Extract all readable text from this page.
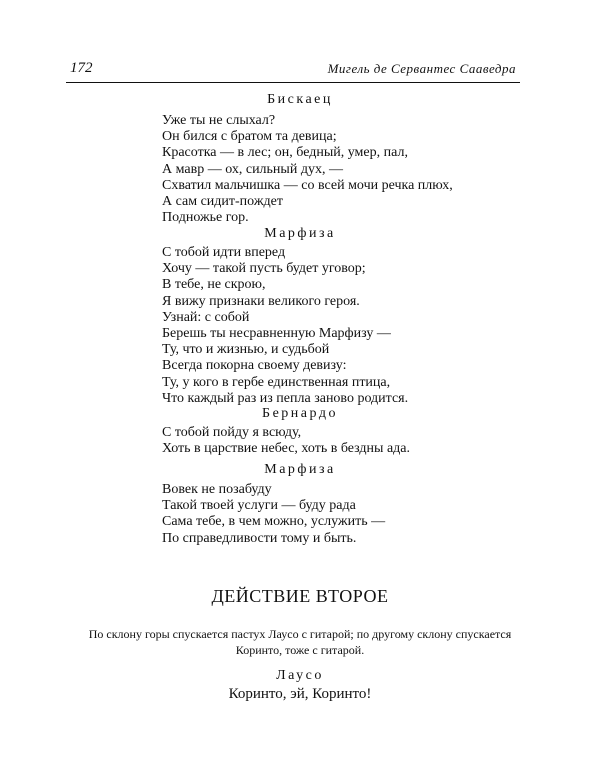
172	Мигель де Сервантес Сааведра
Бискаец
Уже ты не слыхал?
Он бился с братом та девица;
Красотка — в лес; он, бедный, умер, пал,
А мавр — ох, сильный дух, —
Схватил мальчишка — со всей мочи речка плюх,
А сам сидит-пождет
Подножье гор.
Марфиза
С тобой идти вперед
Хочу — такой пусть будет уговор;
В тебе, не скрою,
Я вижу признаки великого героя.
Узнай: с собой
Берешь ты несравненную Марфизу —
Ту, что и жизнью, и судьбой
Всегда покорна своему девизу:
Ту, у кого в гербе единственная птица,
Что каждый раз из пепла заново родится.
Бернардо
С тобой пойду я всюду,
Хоть в царствие небес, хоть в бездны ада.
Марфиза
Вовек не позабуду
Такой твоей услуги — буду рада
Сама тебе, в чем можно, услужить —
По справедливости тому и быть.
ДЕЙСТВИЕ ВТОРОЕ
По склону горы спускается пастух Лаусо с гитарой; по другому склону спускается
Коринто, тоже с гитарой.
Лаусо
Коринто, эй, Коринто!
